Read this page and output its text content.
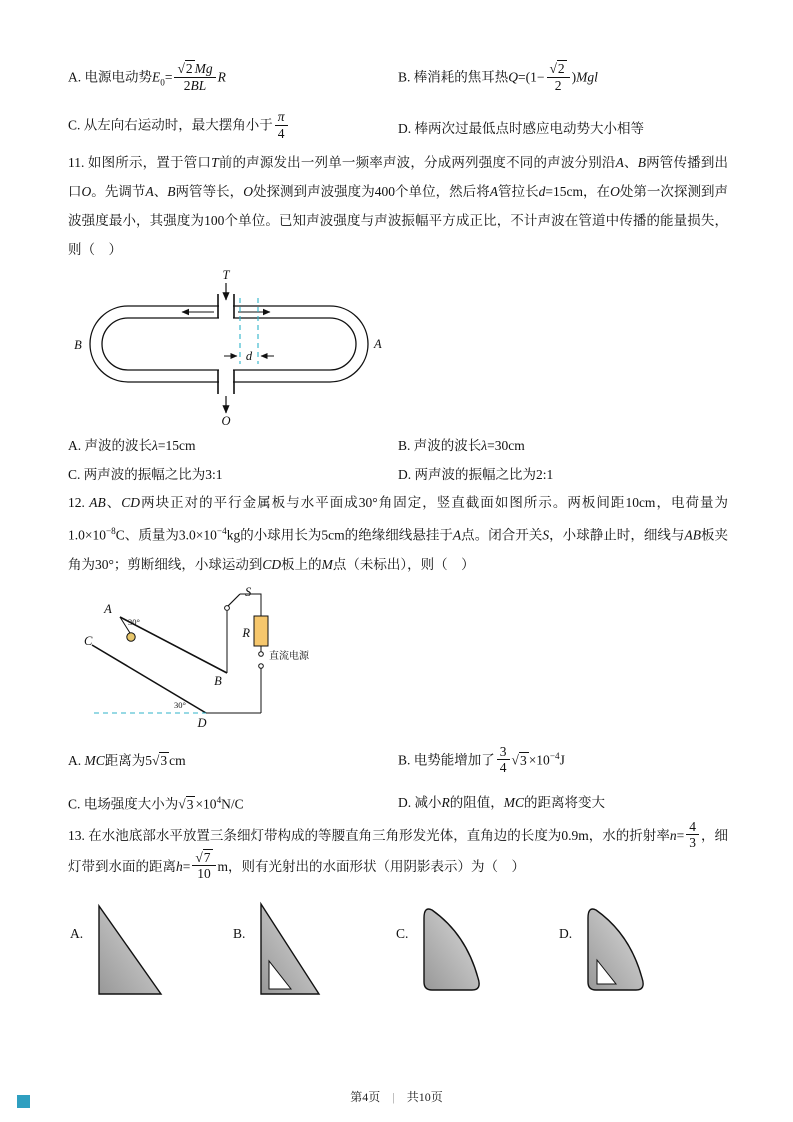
A. 电源电动势$E_0= \frac{√2 Mg}{2BL}$ R	B. 棒消耗的焦耳热$Q=(1- \frac{√2}{2} )Mgl$
C. 从左向右运动时，最大摆角小于 $\frac{\pi}{4}$	D. 棒两次过最低点时感应电动势大小相等

11. 如图所示，置于管口T前的声源发出一列单一频率声波，分成两列强度不同的声波分别沿A、B两管传播到出口O。先调节A、B两管等长，O处探测到声波强度为400个单位，然后将A管拉长d=15cm，在O处第一次探测到声波强度最小，其强度为100个单位。已知声波强度与声波振幅平方成正比，不计声波在管道中传播的能量损失，则（　）

T
d
O
B	A
A. 声波的波长λ=15cm	B. 声波的波长λ=30cm
C. 两声波的振幅之比为3:1	D. 两声波的振幅之比为2:1

12. AB、CD两块正对的平行金属板与水平面成30°角固定，竖直截面如图所示。两板间距10cm，电荷量为$1.0\times 10^{-8}C$、质量为$3.0\times 10^{-4}kg$的小球用长为5cm的绝缘细线悬挂于A点。闭合开关S，小球静止时，细线与AB板夹角为30°；剪断细线，小球运动到CD板上的M点（未标出），则（　）

A
C
B
D
30°
S
R
直流电源
30°
A. MC距离为5√3 cm	B. 电势能增加了 $\frac{3}{4} √3 \times 10^{-4}J$
C. 电场强度大小为$√3 \times 10^4N/C$	D. 减小R的阻值，MC的距离将变大

13. 在水池底部水平放置三条细灯带构成的等腰直角三角形发光体，直角边的长度为0.9m，水的折射率$n= \frac{4}{3}$ ，细灯带到水面的距离$h= \frac{√7}{10}$ m，则有光射出的水面形状（用阴影表示）为（　）

A.	B.	C.	D.
第4页 | 共10页
